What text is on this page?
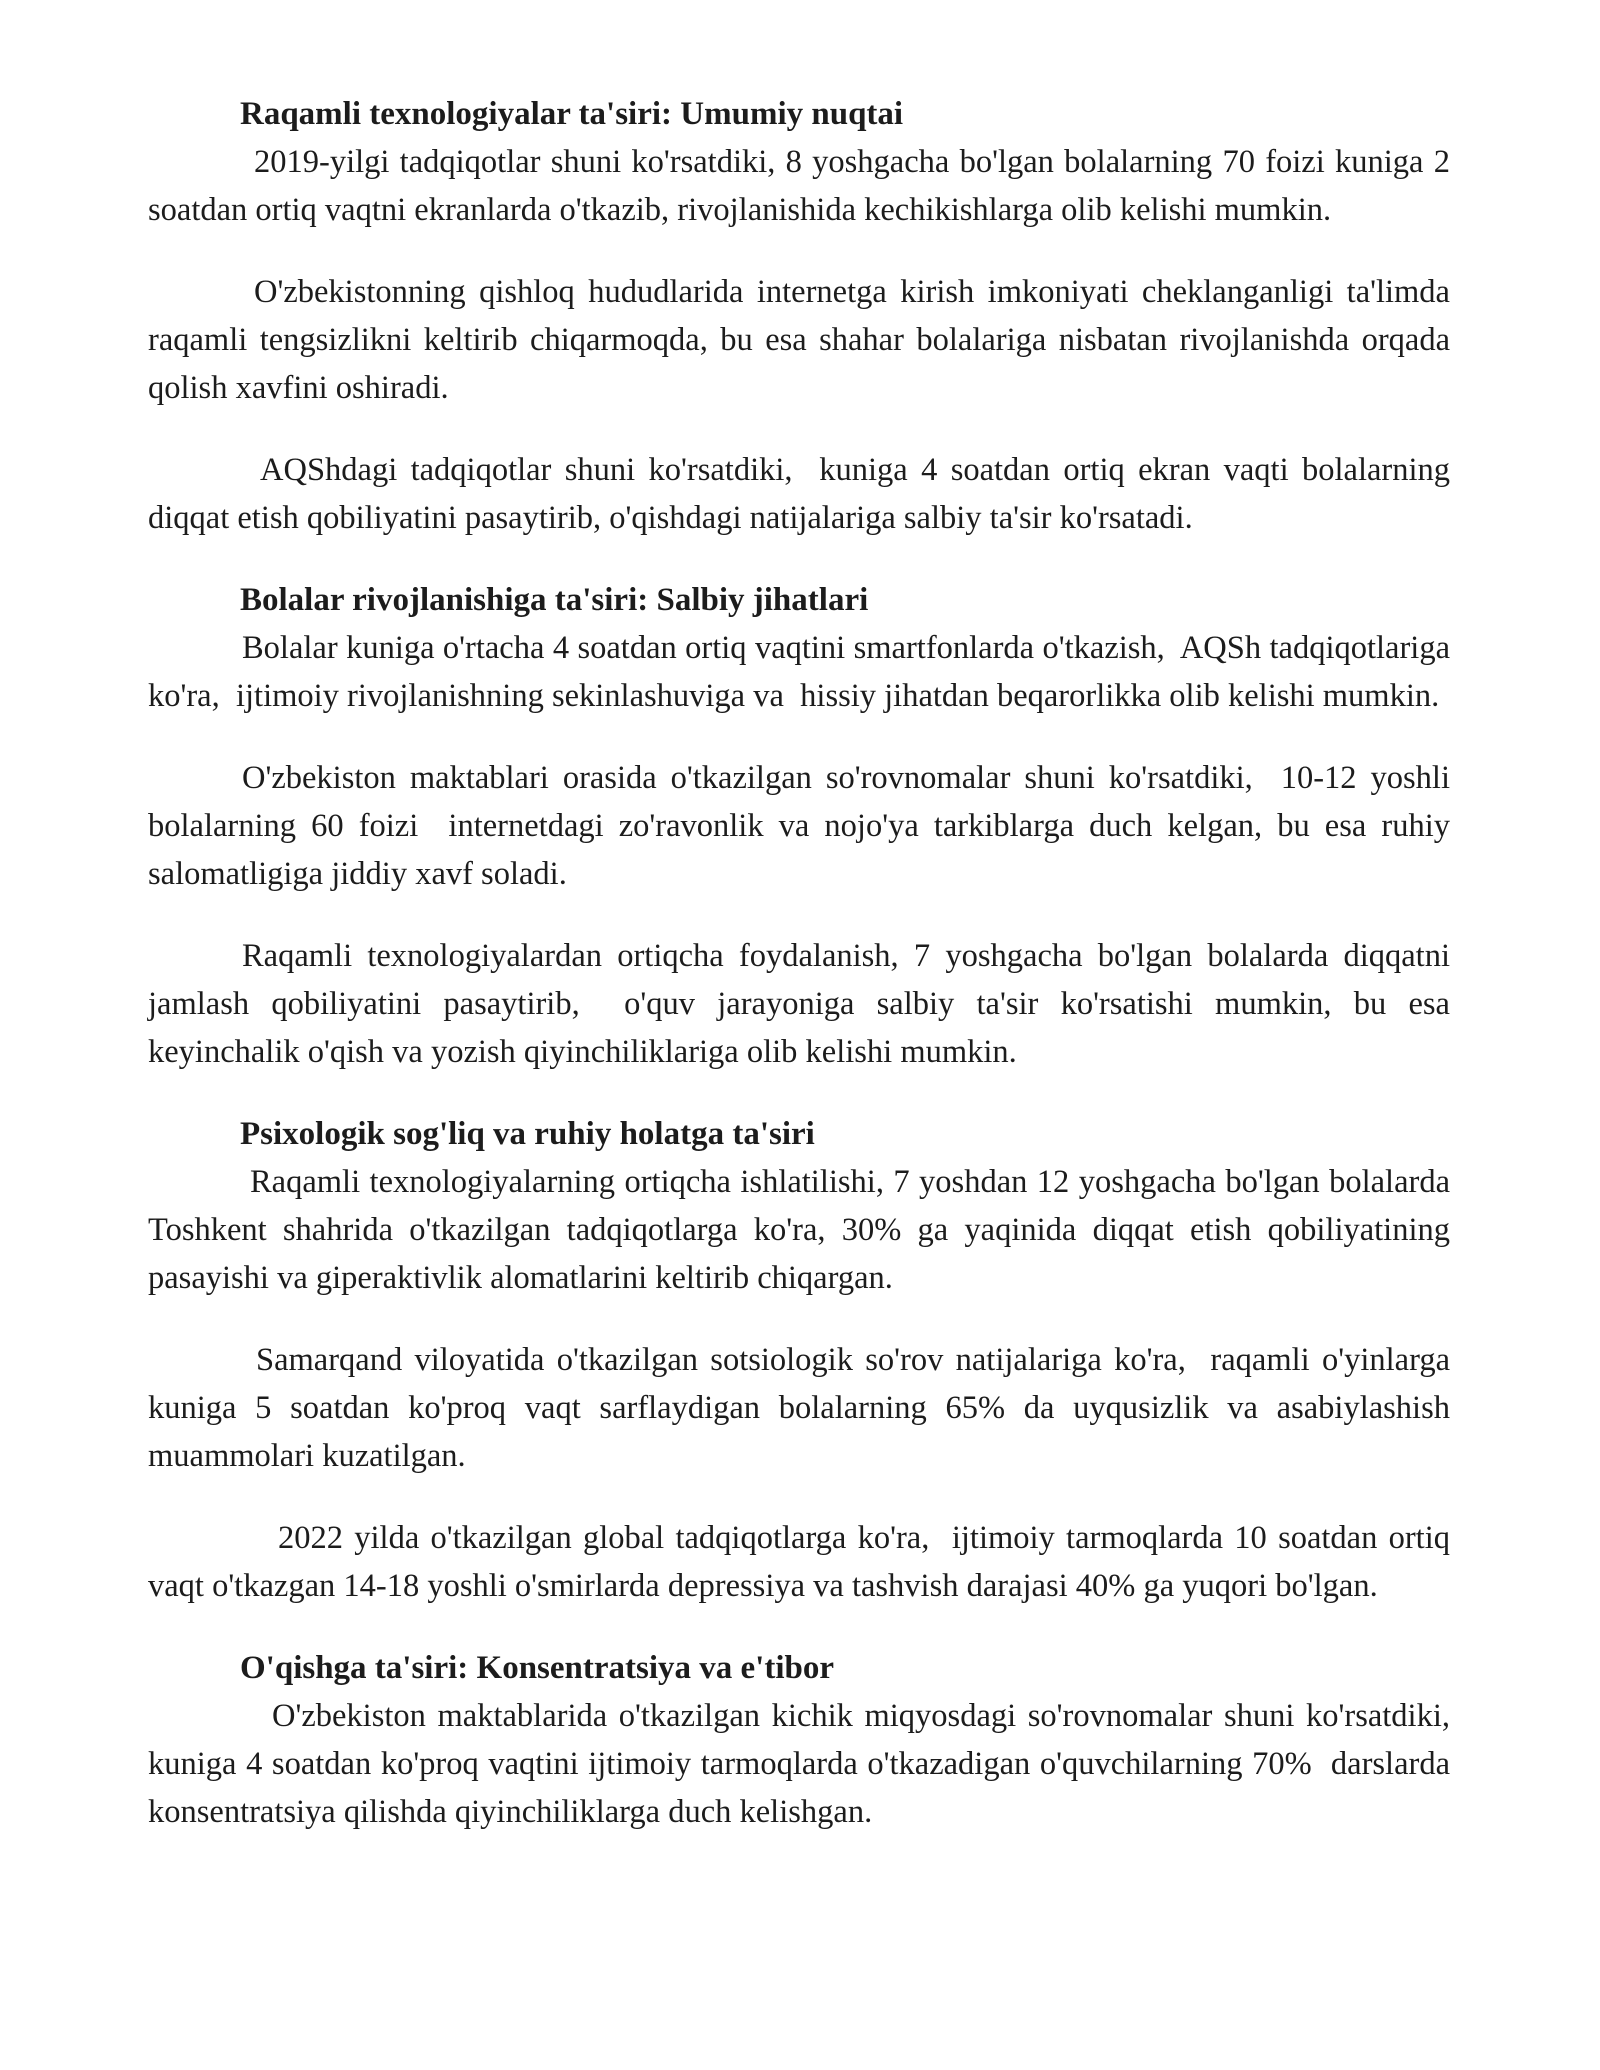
Raqamli texnologiyalar ta'siri: Umumiy nuqtai

2019-yilgi tadqiqotlar shuni ko'rsatdiki, 8 yoshgacha bo'lgan bolalarning 70 foizi kuniga 2 soatdan ortiq vaqtni ekranlarda o'tkazib, rivojlanishida kechikishlarga olib kelishi mumkin.

O'zbekistonning qishloq hududlarida internetga kirish imkoniyati cheklanganligi ta'limda raqamli tengsizlikni keltirib chiqarmoqda, bu esa shahar bolalariga nisbatan rivojlanishda orqada qolish xavfini oshiradi.

AQShdagi tadqiqotlar shuni ko'rsatdiki,  kuniga 4 soatdan ortiq ekran vaqti bolalarning diqqat etish qobiliyatini pasaytirib, o'qishdagi natijalariga salbiy ta'sir ko'rsatadi.

Bolalar rivojlanishiga ta'siri: Salbiy jihatlari

Bolalar kuniga o'rtacha 4 soatdan ortiq vaqtini smartfonlarda o'tkazish,  AQSh tadqiqotlariga ko'ra,  ijtimoiy rivojlanishning sekinlashuviga va  hissiy jihatdan beqarorlikka olib kelishi mumkin.

O'zbekiston maktablari orasida o'tkazilgan so'rovnomalar shuni ko'rsatdiki,  10-12 yoshli bolalarning 60 foizi  internetdagi zo'ravonlik va nojo'ya tarkiblarga duch kelgan, bu esa ruhiy salomatligiga jiddiy xavf soladi.

Raqamli texnologiyalardan ortiqcha foydalanish, 7 yoshgacha bo'lgan bolalarda diqqatni jamlash qobiliyatini pasaytirib,  o'quv jarayoniga salbiy ta'sir ko'rsatishi mumkin, bu esa keyinchalik o'qish va yozish qiyinchiliklariga olib kelishi mumkin.

Psixologik sog'liq va ruhiy holatga ta'siri

Raqamli texnologiyalarning ortiqcha ishlatilishi, 7 yoshdan 12 yoshgacha bo'lgan bolalarda Toshkent shahrida o'tkazilgan tadqiqotlarga ko'ra, 30% ga yaqinida diqqat etish qobiliyatining pasayishi va giperaktivlik alomatlarini keltirib chiqargan.

Samarqand viloyatida o'tkazilgan sotsiologik so'rov natijalariga ko'ra,  raqamli o'yinlarga kuniga 5 soatdan ko'proq vaqt sarflaydigan bolalarning 65% da uyqusizlik va asabiylashish muammolari kuzatilgan.

2022 yilda o'tkazilgan global tadqiqotlarga ko'ra,  ijtimoiy tarmoqlarda 10 soatdan ortiq vaqt o'tkazgan 14-18 yoshli o'smirlarda depressiya va tashvish darajasi 40% ga yuqori bo'lgan.

O'qishga ta'siri: Konsentratsiya va e'tibor

O'zbekiston maktablarida o'tkazilgan kichik miqyosdagi so'rovnomalar shuni ko'rsatdiki,  kuniga 4 soatdan ko'proq vaqtini ijtimoiy tarmoqlarda o'tkazadigan o'quvchilarning 70%  darslarda konsentratsiya qilishda qiyinchiliklarga duch kelishgan.
